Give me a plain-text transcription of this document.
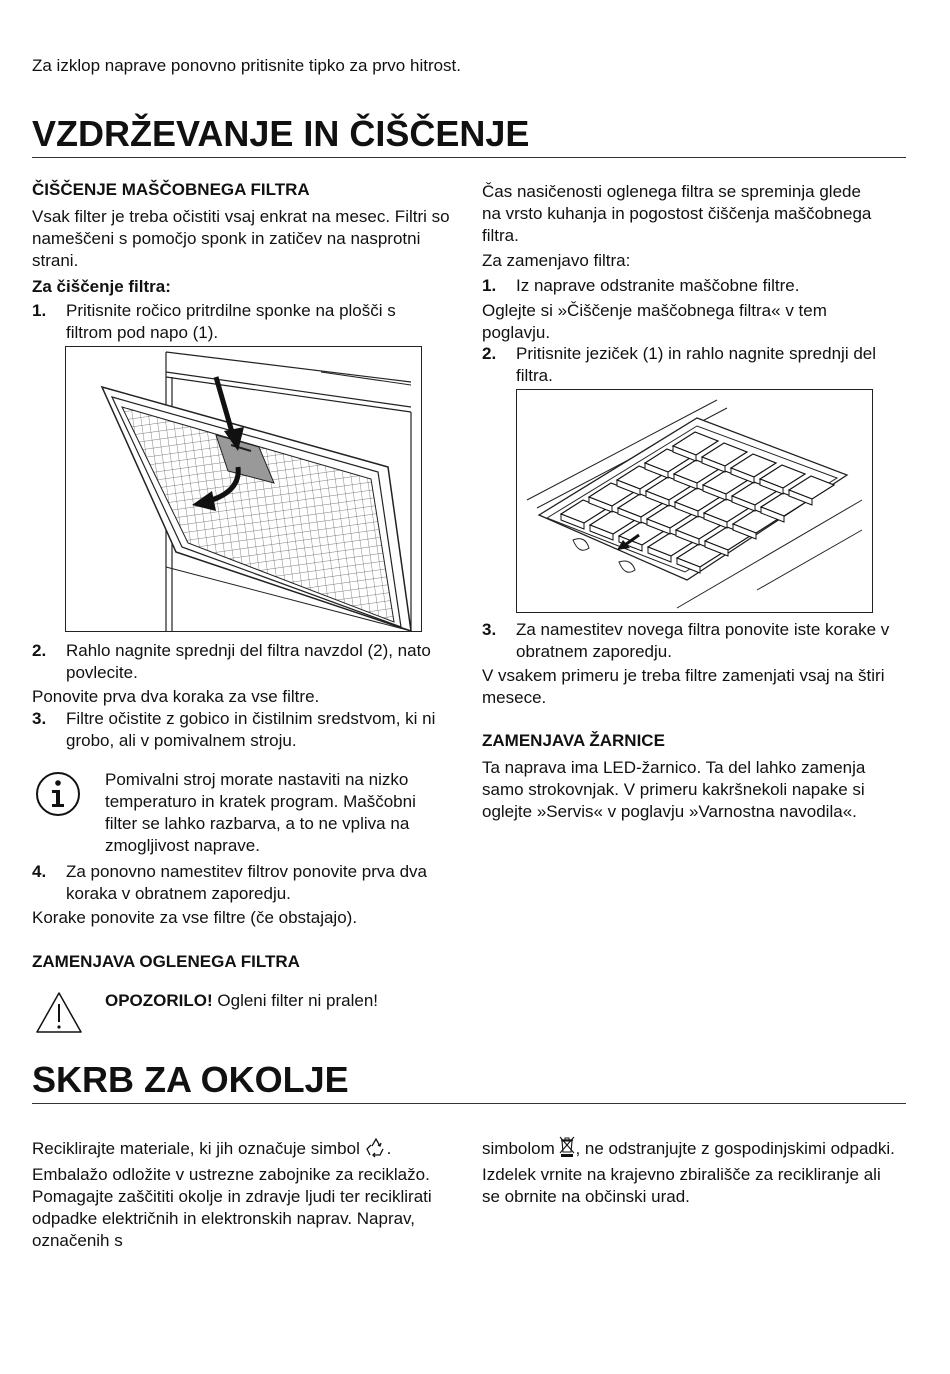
Za izklop naprave ponovno pritisnite tipko za prvo hitrost.

VZDRŽEVANJE IN ČIŠČENJE
ČIŠČENJE MAŠČOBNEGA FILTRA

Vsak filter je treba očistiti vsaj enkrat na mesec. Filtri so nameščeni s pomočjo sponk in zatičev na nasprotni strani.

Za čiščenje filtra:

1. Pritisnite ročico pritrdilne sponke na plošči s filtrom pod napo (1).
2. Rahlo nagnite sprednji del filtra navzdol (2), nato povlecite.

Ponovite prva dva koraka za vse filtre.

3. Filtre očistite z gobico in čistilnim sredstvom, ki ni grobo, ali v pomivalnem stroju.

Pomivalni stroj morate nastaviti na nizko temperaturo in kratek program. Maščobni filter se lahko razbarva, a to ne vpliva na zmogljivost naprave.

4. Za ponovno namestitev filtrov ponovite prva dva koraka v obratnem zaporedju.

Korake ponovite za vse filtre (če obstajajo).

ZAMENJAVA OGLENEGA FILTRA

OPOZORILO! Ogleni filter ni pralen!

Čas nasičenosti oglenega filtra se spreminja glede na vrsto kuhanja in pogostost čiščenja maščobnega filtra.

Za zamenjavo filtra:

1. Iz naprave odstranite maščobne filtre.

Oglejte si »Čiščenje maščobnega filtra« v tem poglavju.

2. Pritisnite jeziček (1) in rahlo nagnite sprednji del filtra.
3. Za namestitev novega filtra ponovite iste korake v obratnem zaporedju.

V vsakem primeru je treba filtre zamenjati vsaj na štiri mesece.

ZAMENJAVA ŽARNICE

Ta naprava ima LED-žarnico. Ta del lahko zamenja samo strokovnjak. V primeru kakršnekoli napake si oglejte »Servis« v poglavju »Varnostna navodila«.

SKRB ZA OKOLJE

Reciklirajte materiale, ki jih označuje simbol . Embalažo odložite v ustrezne zabojnike za reciklažo. Pomagajte zaščititi okolje in zdravje ljudi ter reciklirati odpadke električnih in elektronskih naprav. Naprav, označenih s

simbolom , ne odstranjujte z gospodinjskimi odpadki. Izdelek vrnite na krajevno zbirališče za recikliranje ali se obrnite na občinski urad.
